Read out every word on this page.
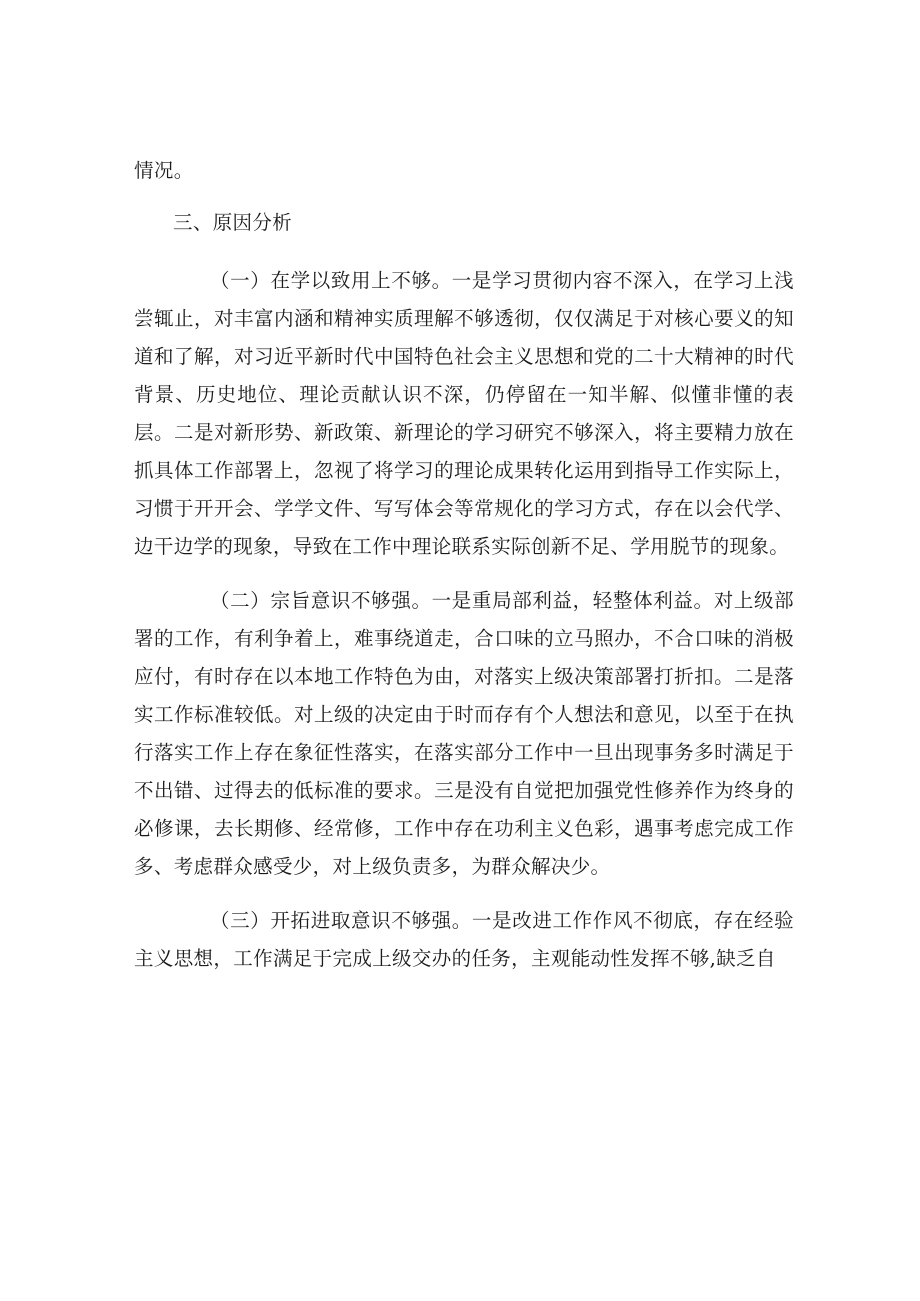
情况。

三、原因分析

（一）在学以致用上不够。一是学习贯彻内容不深入，在学习上浅尝辄止，对丰富内涵和精神实质理解不够透彻，仅仅满足于对核心要义的知道和了解，对习近平新时代中国特色社会主义思想和党的二十大精神的时代背景、历史地位、理论贡献认识不深，仍停留在一知半解、似懂非懂的表层。二是对新形势、新政策、新理论的学习研究不够深入，将主要精力放在抓具体工作部署上，忽视了将学习的理论成果转化运用到指导工作实际上，习惯于开开会、学学文件、写写体会等常规化的学习方式，存在以会代学、边干边学的现象，导致在工作中理论联系实际创新不足、学用脱节的现象。

（二）宗旨意识不够强。一是重局部利益，轻整体利益。对上级部署的工作，有利争着上，难事绕道走，合口味的立马照办，不合口味的消极应付，有时存在以本地工作特色为由，对落实上级决策部署打折扣。二是落实工作标准较低。对上级的决定由于时而存有个人想法和意见，以至于在执行落实工作上存在象征性落实，在落实部分工作中一旦出现事务多时满足于不出错、过得去的低标准的要求。三是没有自觉把加强党性修养作为终身的必修课，去长期修、经常修，工作中存在功利主义色彩，遇事考虑完成工作多、考虑群众感受少，对上级负责多，为群众解决少。

（三）开拓进取意识不够强。一是改进工作作风不彻底，存在经验主义思想，工作满足于完成上级交办的任务，主观能动性发挥不够,缺乏自
